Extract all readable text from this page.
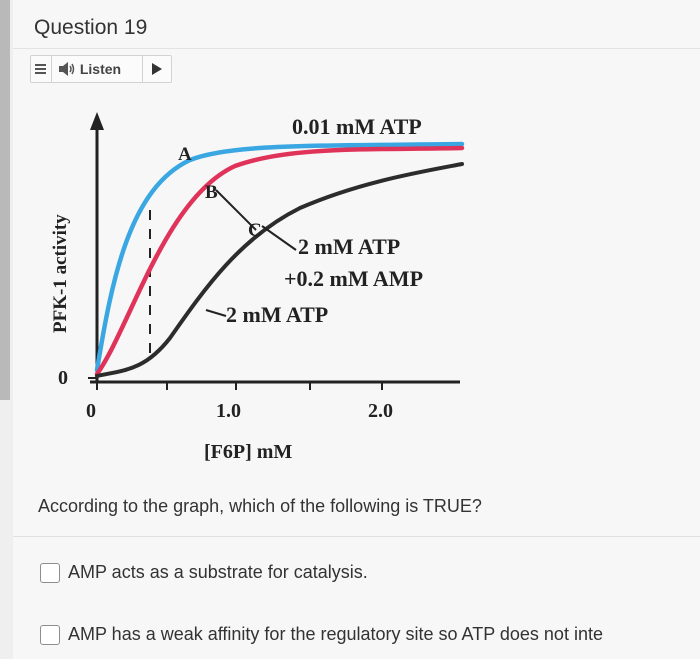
Question 19
Listen
A
B
C
0.01 mM ATP
2 mM ATP
+0.2 mM AMP
2 mM ATP
PFK-1 activity
0
0	1.0	2.0
[F6P] mM
According to the graph, which of the following is TRUE?
AMP acts as a substrate for catalysis.
AMP has a weak affinity for the regulatory site so ATP does not inte
